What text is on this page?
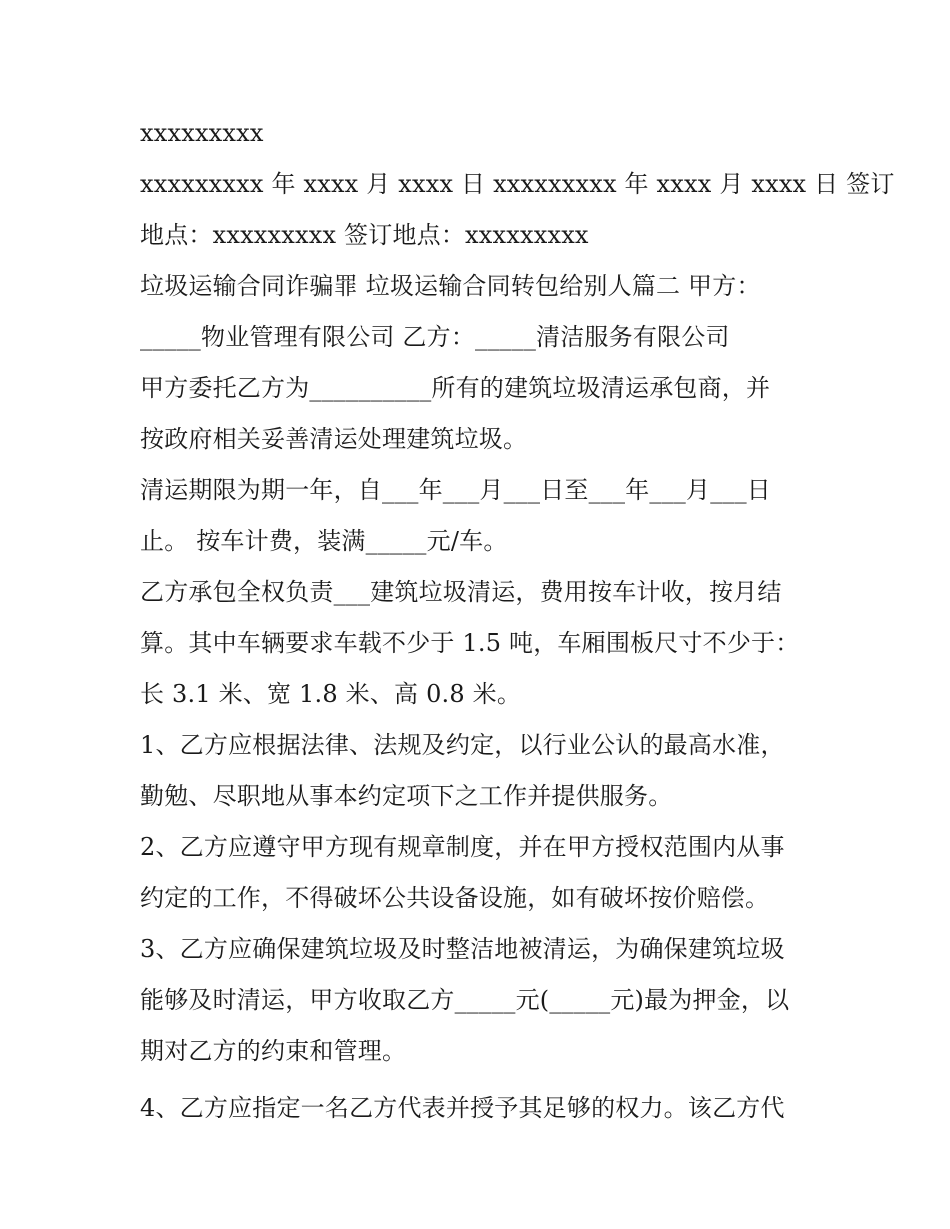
xxxxxxxxx
xxxxxxxxx 年 xxxx 月 xxxx 日 xxxxxxxxx 年 xxxx 月 xxxx 日 签订
地点：xxxxxxxxx 签订地点：xxxxxxxxx
垃圾运输合同诈骗罪 垃圾运输合同转包给别人篇二 甲方：
_____物业管理有限公司 乙方：_____清洁服务有限公司
甲方委托乙方为__________所有的建筑垃圾清运承包商，并
按政府相关妥善清运处理建筑垃圾。
清运期限为期一年，自___年___月___日至___年___月___日
止。 按车计费，装满_____元/车。
乙方承包全权负责___建筑垃圾清运，费用按车计收，按月结
算。其中车辆要求车载不少于 1.5 吨，车厢围板尺寸不少于：
长 3.1 米、宽 1.8 米、高 0.8 米。
1、乙方应根据法律、法规及约定，以行业公认的最高水准，
勤勉、尽职地从事本约定项下之工作并提供服务。
2、乙方应遵守甲方现有规章制度，并在甲方授权范围内从事
约定的工作，不得破坏公共设备设施，如有破坏按价赔偿。
3、乙方应确保建筑垃圾及时整洁地被清运，为确保建筑垃圾
能够及时清运，甲方收取乙方_____元(_____元)最为押金，以
期对乙方的约束和管理。
4、乙方应指定一名乙方代表并授予其足够的权力。该乙方代
